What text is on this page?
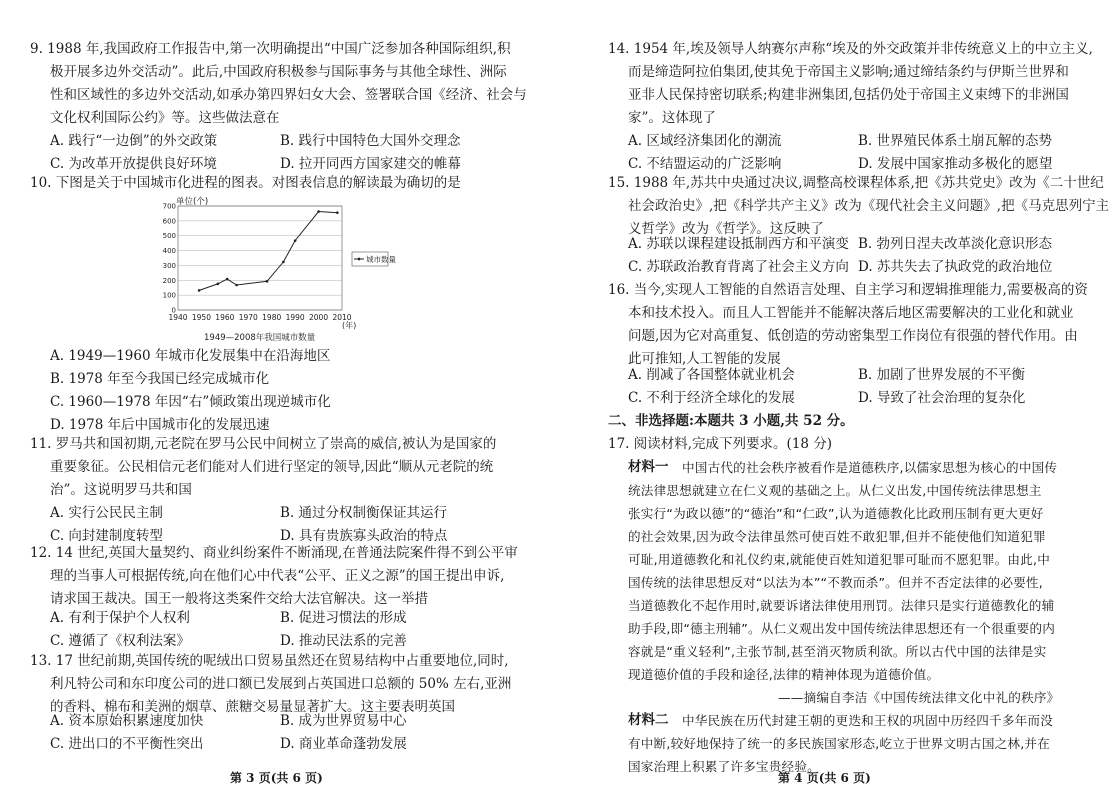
9. 1988 年,我国政府工作报告中,第一次明确提出“中国广泛参加各种国际组织,积
极开展多边外交活动”。此后,中国政府积极参与国际事务与其他全球性、洲际
性和区域性的多边外交活动,如承办第四界妇女大会、签署联合国《经济、社会与
文化权利国际公约》等。这些做法意在
A. 践行“一边倒”的外交政策	B. 践行中国特色大国外交理念
C. 为改革开放提供良好环境	D. 拉开同西方国家建交的帷幕
10. 下图是关于中国城市化进程的图表。对图表信息的解读最为确切的是
单位(个)
0
100
200
300
400
500
600
700
1940 1950 1960 1970 1980 1990 2000 2010
城市数量
(年)
1949—2008年我国城市数量
A. 1949—1960 年城市化发展集中在沿海地区
B. 1978 年至今我国已经完成城市化
C. 1960—1978 年因“右”倾政策出现逆城市化
D. 1978 年后中国城市化的发展迅速
11. 罗马共和国初期,元老院在罗马公民中间树立了崇高的威信,被认为是国家的
重要象征。公民相信元老们能对人们进行坚定的领导,因此“顺从元老院的统
治”。这说明罗马共和国
A. 实行公民民主制	B. 通过分权制衡保证其运行
C. 向封建制度转型	D. 具有贵族寡头政治的特点
12. 14 世纪,英国大量契约、商业纠纷案件不断涌现,在普通法院案件得不到公平审
理的当事人可根据传统,向在他们心中代表“公平、正义之源”的国王提出申诉,
请求国王裁决。国王一般将这类案件交给大法官解决。这一举措
A. 有利于保护个人权利	B. 促进习惯法的形成
C. 遵循了《权利法案》	D. 推动民法系的完善
13. 17 世纪前期,英国传统的呢绒出口贸易虽然还在贸易结构中占重要地位,同时,
利凡特公司和东印度公司的进口额已发展到占英国进口总额的 50% 左右,亚洲
的香料、棉布和美洲的烟草、蔗糖交易量显著扩大。这主要表明英国
A. 资本原始积累速度加快	B. 成为世界贸易中心
C. 进出口的不平衡性突出	D. 商业革命蓬勃发展
第 3 页(共 6 页)
14. 1954 年,埃及领导人纳赛尔声称“埃及的外交政策并非传统意义上的中立主义,
而是缔造阿拉伯集团,使其免于帝国主义影响;通过缔结条约与伊斯兰世界和
亚非人民保持密切联系;构建非洲集团,包括仍处于帝国主义束缚下的非洲国
家”。这体现了
A. 区域经济集团化的潮流	B. 世界殖民体系土崩瓦解的态势
C. 不结盟运动的广泛影响	D. 发展中国家推动多极化的愿望
15. 1988 年,苏共中央通过决议,调整高校课程体系,把《苏共党史》改为《二十世纪
社会政治史》,把《科学共产主义》改为《现代社会主义问题》,把《马克思列宁主
义哲学》改为《哲学》。这反映了
A. 苏联以课程建设抵制西方和平演变 B. 勃列日涅夫改革淡化意识形态
C. 苏联政治教育背离了社会主义方向 D. 苏共失去了执政党的政治地位
16. 当今,实现人工智能的自然语言处理、自主学习和逻辑推理能力,需要极高的资
本和技术投入。而且人工智能并不能解决落后地区需要解决的工业化和就业
问题,因为它对高重复、低创造的劳动密集型工作岗位有很强的替代作用。由
此可推知,人工智能的发展
A. 削减了各国整体就业机会	B. 加剧了世界发展的不平衡
C. 不利于经济全球化的发展	D. 导致了社会治理的复杂化
二、非选择题:本题共 3 小题,共 52 分。
17. 阅读材料,完成下列要求。(18 分)
材料一 中国古代的社会秩序被看作是道德秩序,以儒家思想为核心的中国传
统法律思想就建立在仁义观的基础之上。从仁义出发,中国传统法律思想主
张实行“为政以德”的“德治”和“仁政”,认为道德教化比政刑压制有更大更好
的社会效果,因为政令法律虽然可使百姓不敢犯罪,但并不能使他们知道犯罪
可耻,用道德教化和礼仪约束,就能使百姓知道犯罪可耻而不愿犯罪。由此,中
国传统的法律思想反对“以法为本”“不教而杀”。但并不否定法律的必要性,
当道德教化不起作用时,就要诉诸法律使用刑罚。法律只是实行道德教化的辅
助手段,即“德主刑辅”。从仁义观出发中国传统法律思想还有一个很重要的内
容就是“重义轻利”,主张节制,甚至消灭物质利欲。所以古代中国的法律是实
现道德价值的手段和途径,法律的精神体现为道德价值。
——摘编自李洁《中国传统法律文化中礼的秩序》
材料二 中华民族在历代封建王朝的更迭和王权的巩固中历经四千多年而没
有中断,较好地保持了统一的多民族国家形态,屹立于世界文明古国之林,并在
国家治理上积累了许多宝贵经验。
第 4 页(共 6 页)
